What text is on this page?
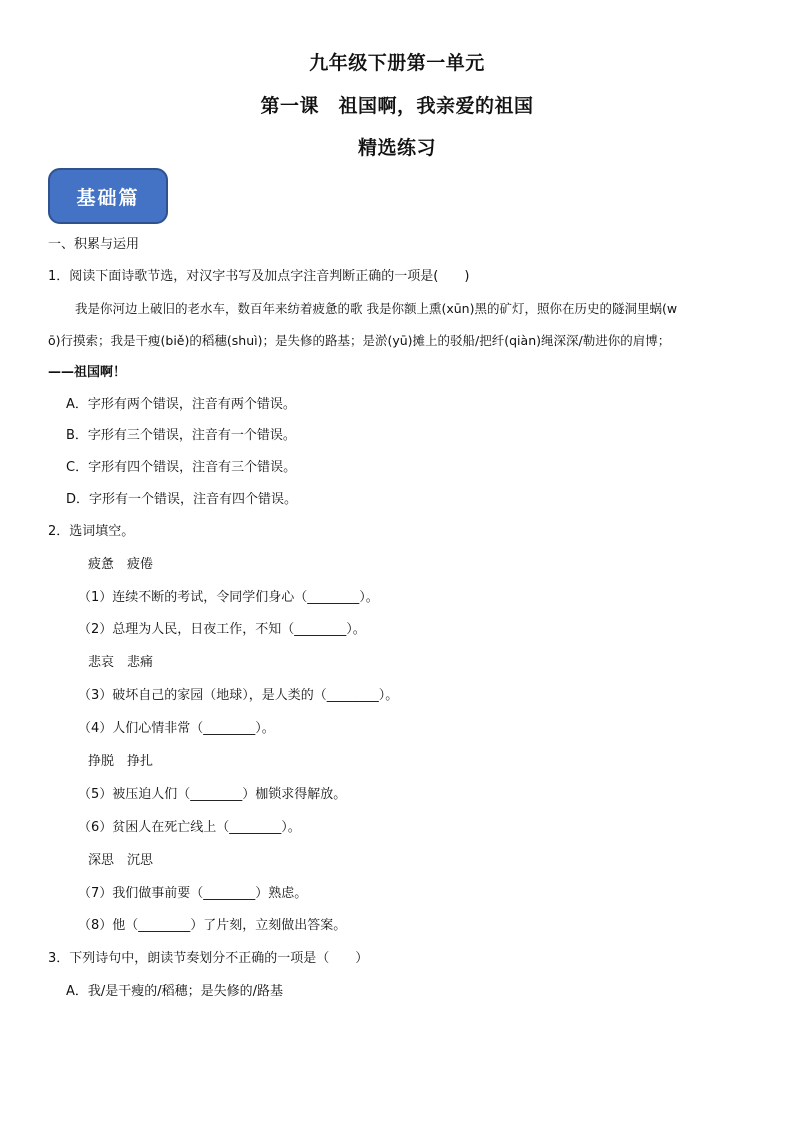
九年级下册第一单元
第一课　祖国啊，我亲爱的祖国
精选练习
基础篇
一、积累与运用
1．阅读下面诗歌节选，对汉字书写及加点字注音判断正确的一项是(　　)
我是你河边上破旧的老水车，数百年来纺着疲惫的歌 我是你额上熏(xūn)黑的矿灯，照你在历史的隧洞里蜗(w
ō)行摸索；我是干瘦(biě)的稻穗(shuì)；是失修的路基；是淤(yū)摊上的驳船/把纤(qiàn)绳深深/勒进你的肩博；
——祖国啊！
A．字形有两个错误，注音有两个错误。
B．字形有三个错误，注音有一个错误。
C．字形有四个错误，注音有三个错误。
D．字形有一个错误，注音有四个错误。
2．选词填空。
疲惫　疲倦
（1）连续不断的考试，令同学们身心（________）。
（2）总理为人民，日夜工作，不知（________）。
悲哀　悲痛
（3）破坏自己的家园（地球），是人类的（________）。
（4）人们心情非常（________）。
挣脱　挣扎
（5）被压迫人们（________）枷锁求得解放。
（6）贫困人在死亡线上（________）。
深思　沉思
（7）我们做事前要（________）熟虑。
（8）他（________）了片刻，立刻做出答案。
3．下列诗句中，朗读节奏划分不正确的一项是（　　）
A．我/是干瘦的/稻穗；是失修的/路基
